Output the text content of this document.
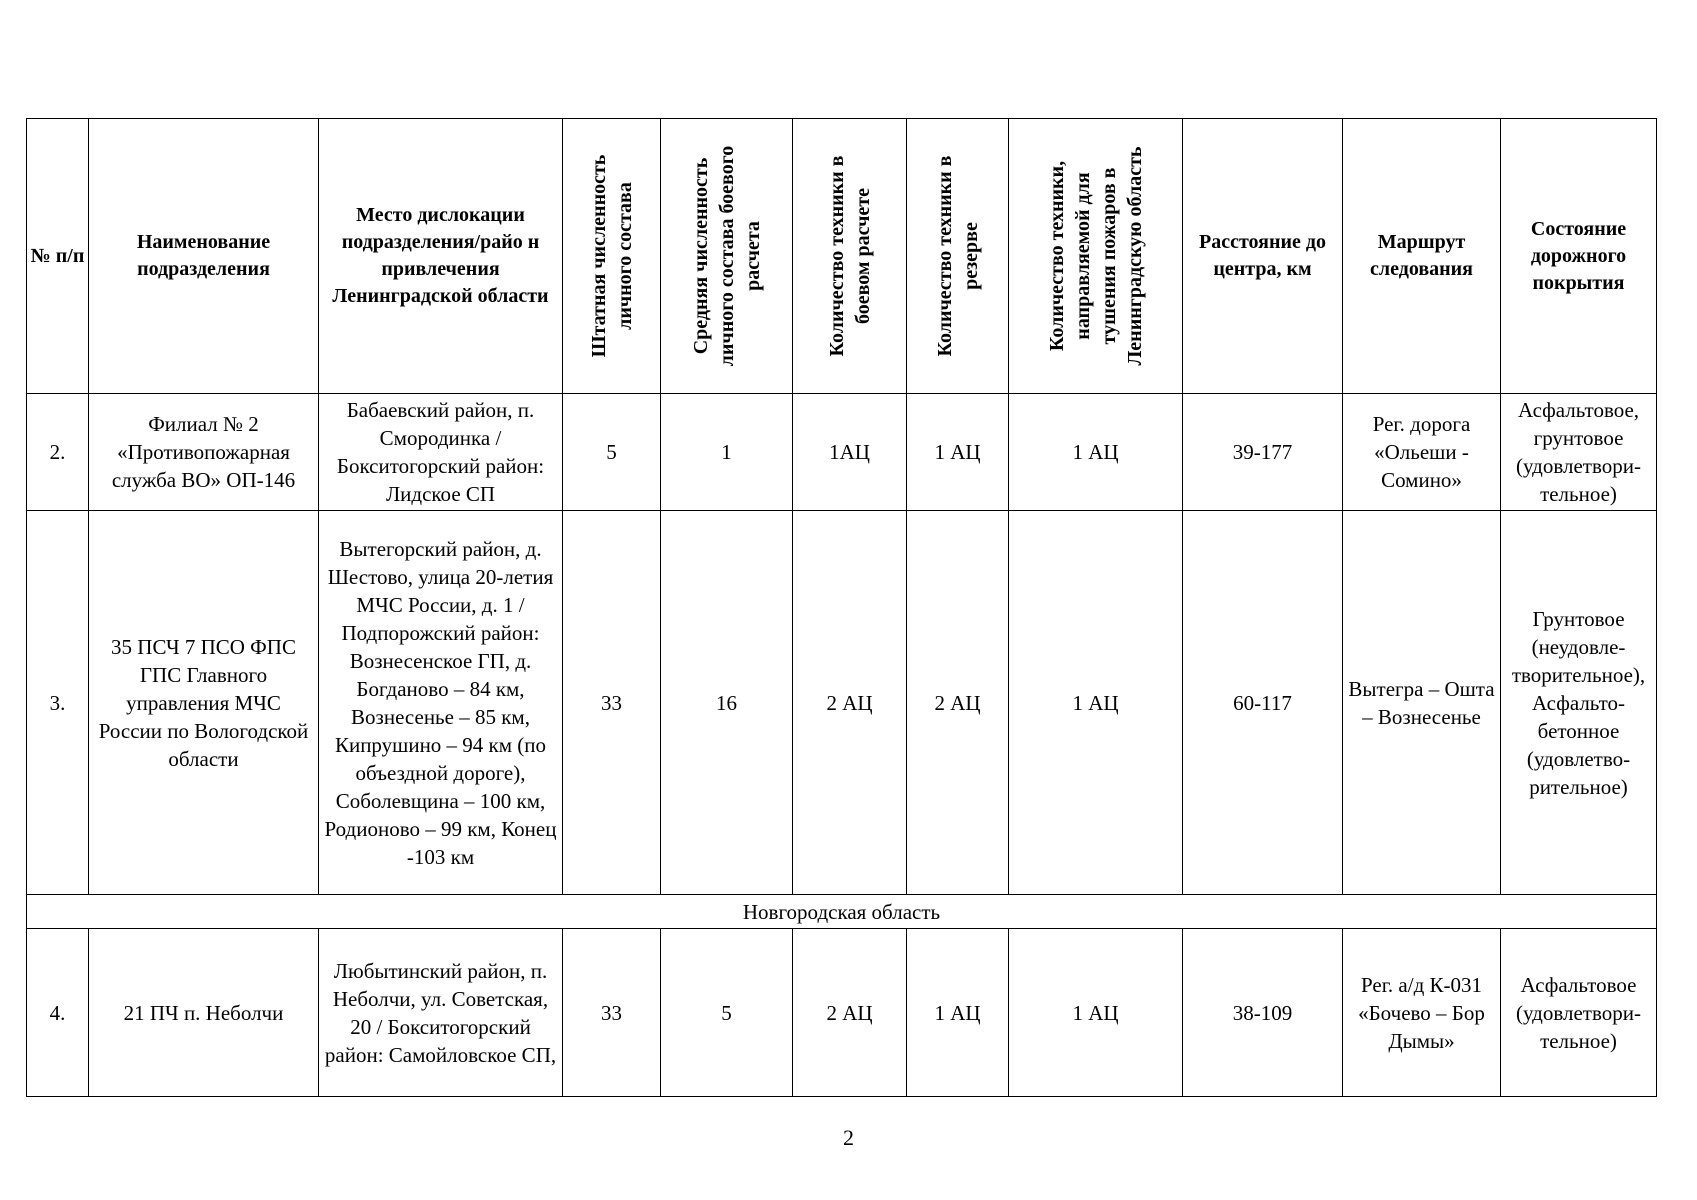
№ п/п	Наименование подразделения	Место дислокации подразделения/райо н привлечения Ленинградской области	Штатная численность личного состава	Средняя численность личного состава боевого расчета	Количество техники в боевом расчете	Количество техники в резерве	Количество техники, направляемой для тушения пожаров в Ленинградскую область	Расстояние до центра, км	Маршрут следования	Состояние дорожного покрытия
2.	Филиал № 2 «Противопожарная служба ВО» ОП-146	Бабаевский район, п. Смородинка / Бокситогорский район: Лидское СП	5	1	1АЦ	1 АЦ	1 АЦ	39-177	Рег. дорога «Ольеши - Сомино»	Асфальтовое, грунтовое (удовлетвори-тельное)
3.	35 ПСЧ 7 ПСО ФПС ГПС Главного управления МЧС России по Вологодской области	Вытегорский район, д. Шестово, улица 20-летия МЧС России, д. 1 / Подпорожский район: Вознесенское ГП, д. Богданово – 84 км, Вознесенье – 85 км, Кипрушино – 94 км (по объездной дороге), Соболевщина – 100 км, Родионово – 99 км, Конец -103 км	33	16	2 АЦ	2 АЦ	1 АЦ	60-117	Вытегра – Ошта – Вознесенье	Грунтовое (неудовле-творительное), Асфальто-бетонное (удовлетво-рительное)
Новгородская область										
4.	21 ПЧ п. Неболчи	Любытинский район, п. Неболчи, ул. Советская, 20 / Бокситогорский район: Самойловское СП,	33	5	2 АЦ	1 АЦ	1 АЦ	38-109	Рег. а/д К-031 «Бочево – Бор Дымы»	Асфальтовое (удовлетвори-тельное)
2
